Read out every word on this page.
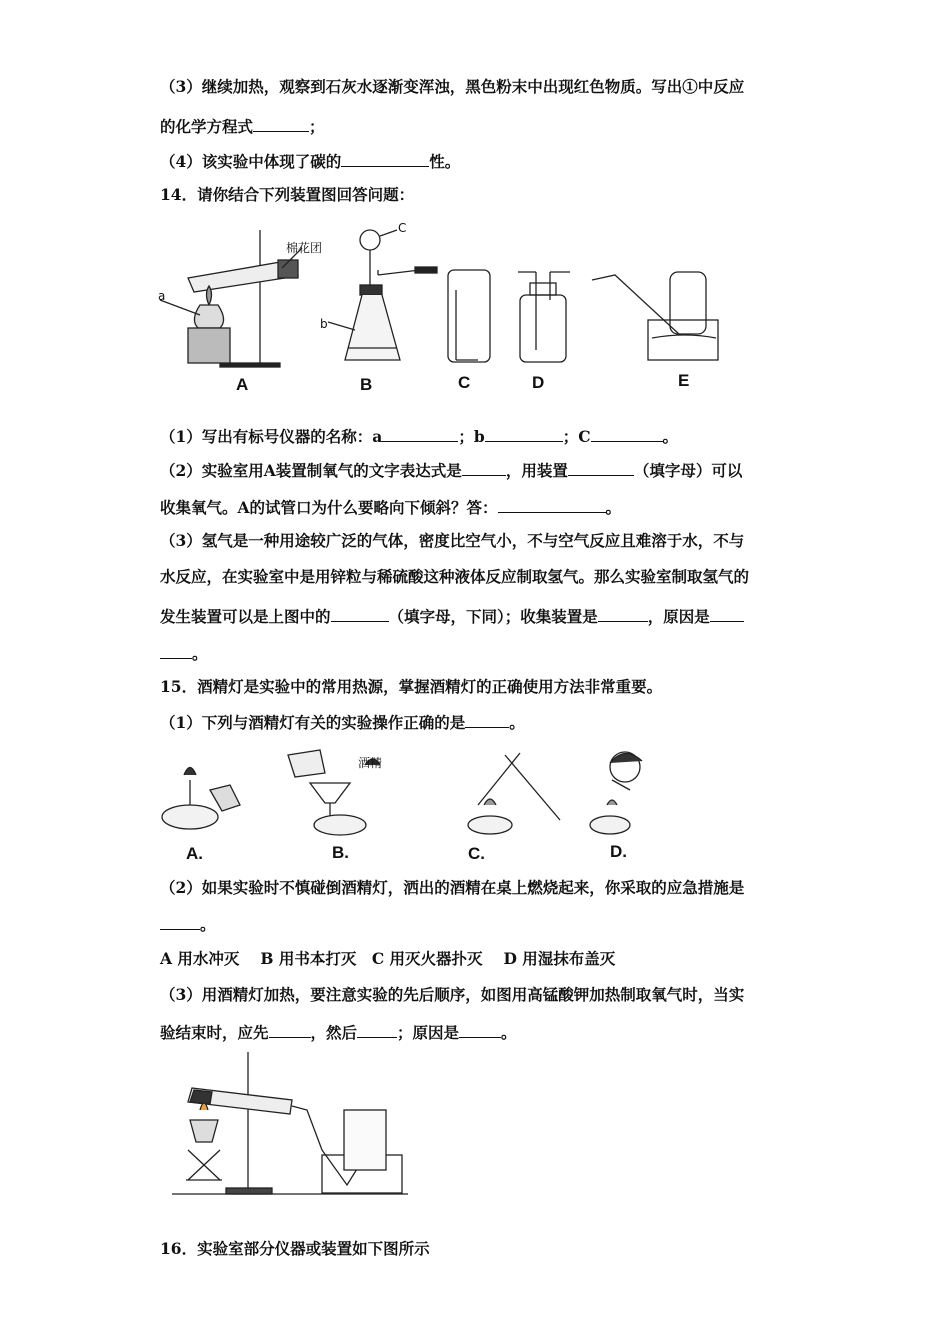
（3）继续加热，观察到石灰水逐渐变浑浊，黑色粉末中出现红色物质。写出①中反应
的化学方程式	；
（4）该实验中体现了碳的	性。
14．请你结合下列装置图回答问题：
a
b
C
棉花团
A	B	C	D	E
（1）写出有标号仪器的名称：a	；b	；C	。
（2）实验室用A装置制氧气的文字表达式是	，用装置	（填字母）可以
收集氧气。A的试管口为什么要略向下倾斜？答：	。
（3）氢气是一种用途较广泛的气体，密度比空气小，不与空气反应且难溶于水，不与
水反应，在实验室中是用锌粒与稀硫酸这种液体反应制取氢气。那么实验室制取氢气的
发生装置可以是上图中的	（填字母，下同）；收集装置是	，原因是
。
15．酒精灯是实验中的常用热源，掌握酒精灯的正确使用方法非常重要。
（1）下列与酒精灯有关的实验操作正确的是	。
酒精
A.	B.	C.	D.
（2）如果实验时不慎碰倒酒精灯，洒出的酒精在桌上燃烧起来，你采取的应急措施是
。
A 用水冲灭　 B 用书本打灭　C 用灭火器扑灭　 D 用湿抹布盖灭
（3）用酒精灯加热，要注意实验的先后顺序，如图用高锰酸钾加热制取氧气时，当实
验结束时，应先	，然后	；原因是	。
16．实验室部分仪器或装置如下图所示
